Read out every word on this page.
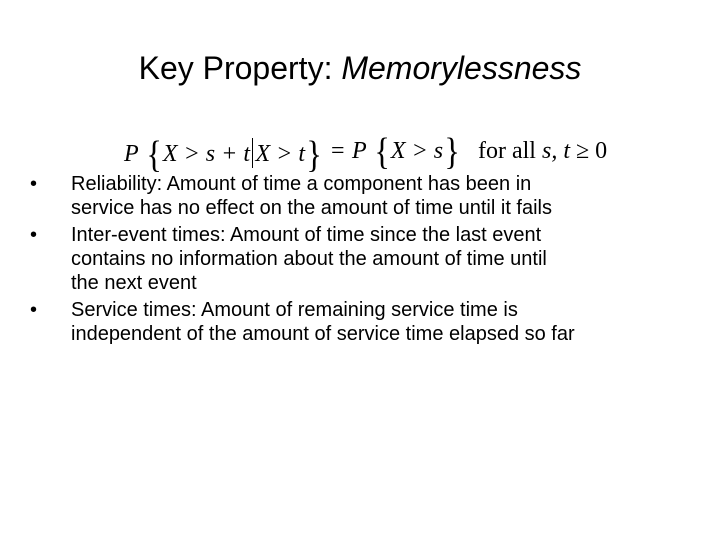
Key Property: Memorylessness
P {X > s + t X > t} = P {X > s} for all s, t ≥ 0
•	Reliability: Amount of time a component has been in
service has no effect on the amount of time until it fails
•	Inter-event times: Amount of time since the last event
contains no information about the amount of time until
the next event
•	Service times: Amount of remaining service time is
independent of the amount of service time elapsed so far
